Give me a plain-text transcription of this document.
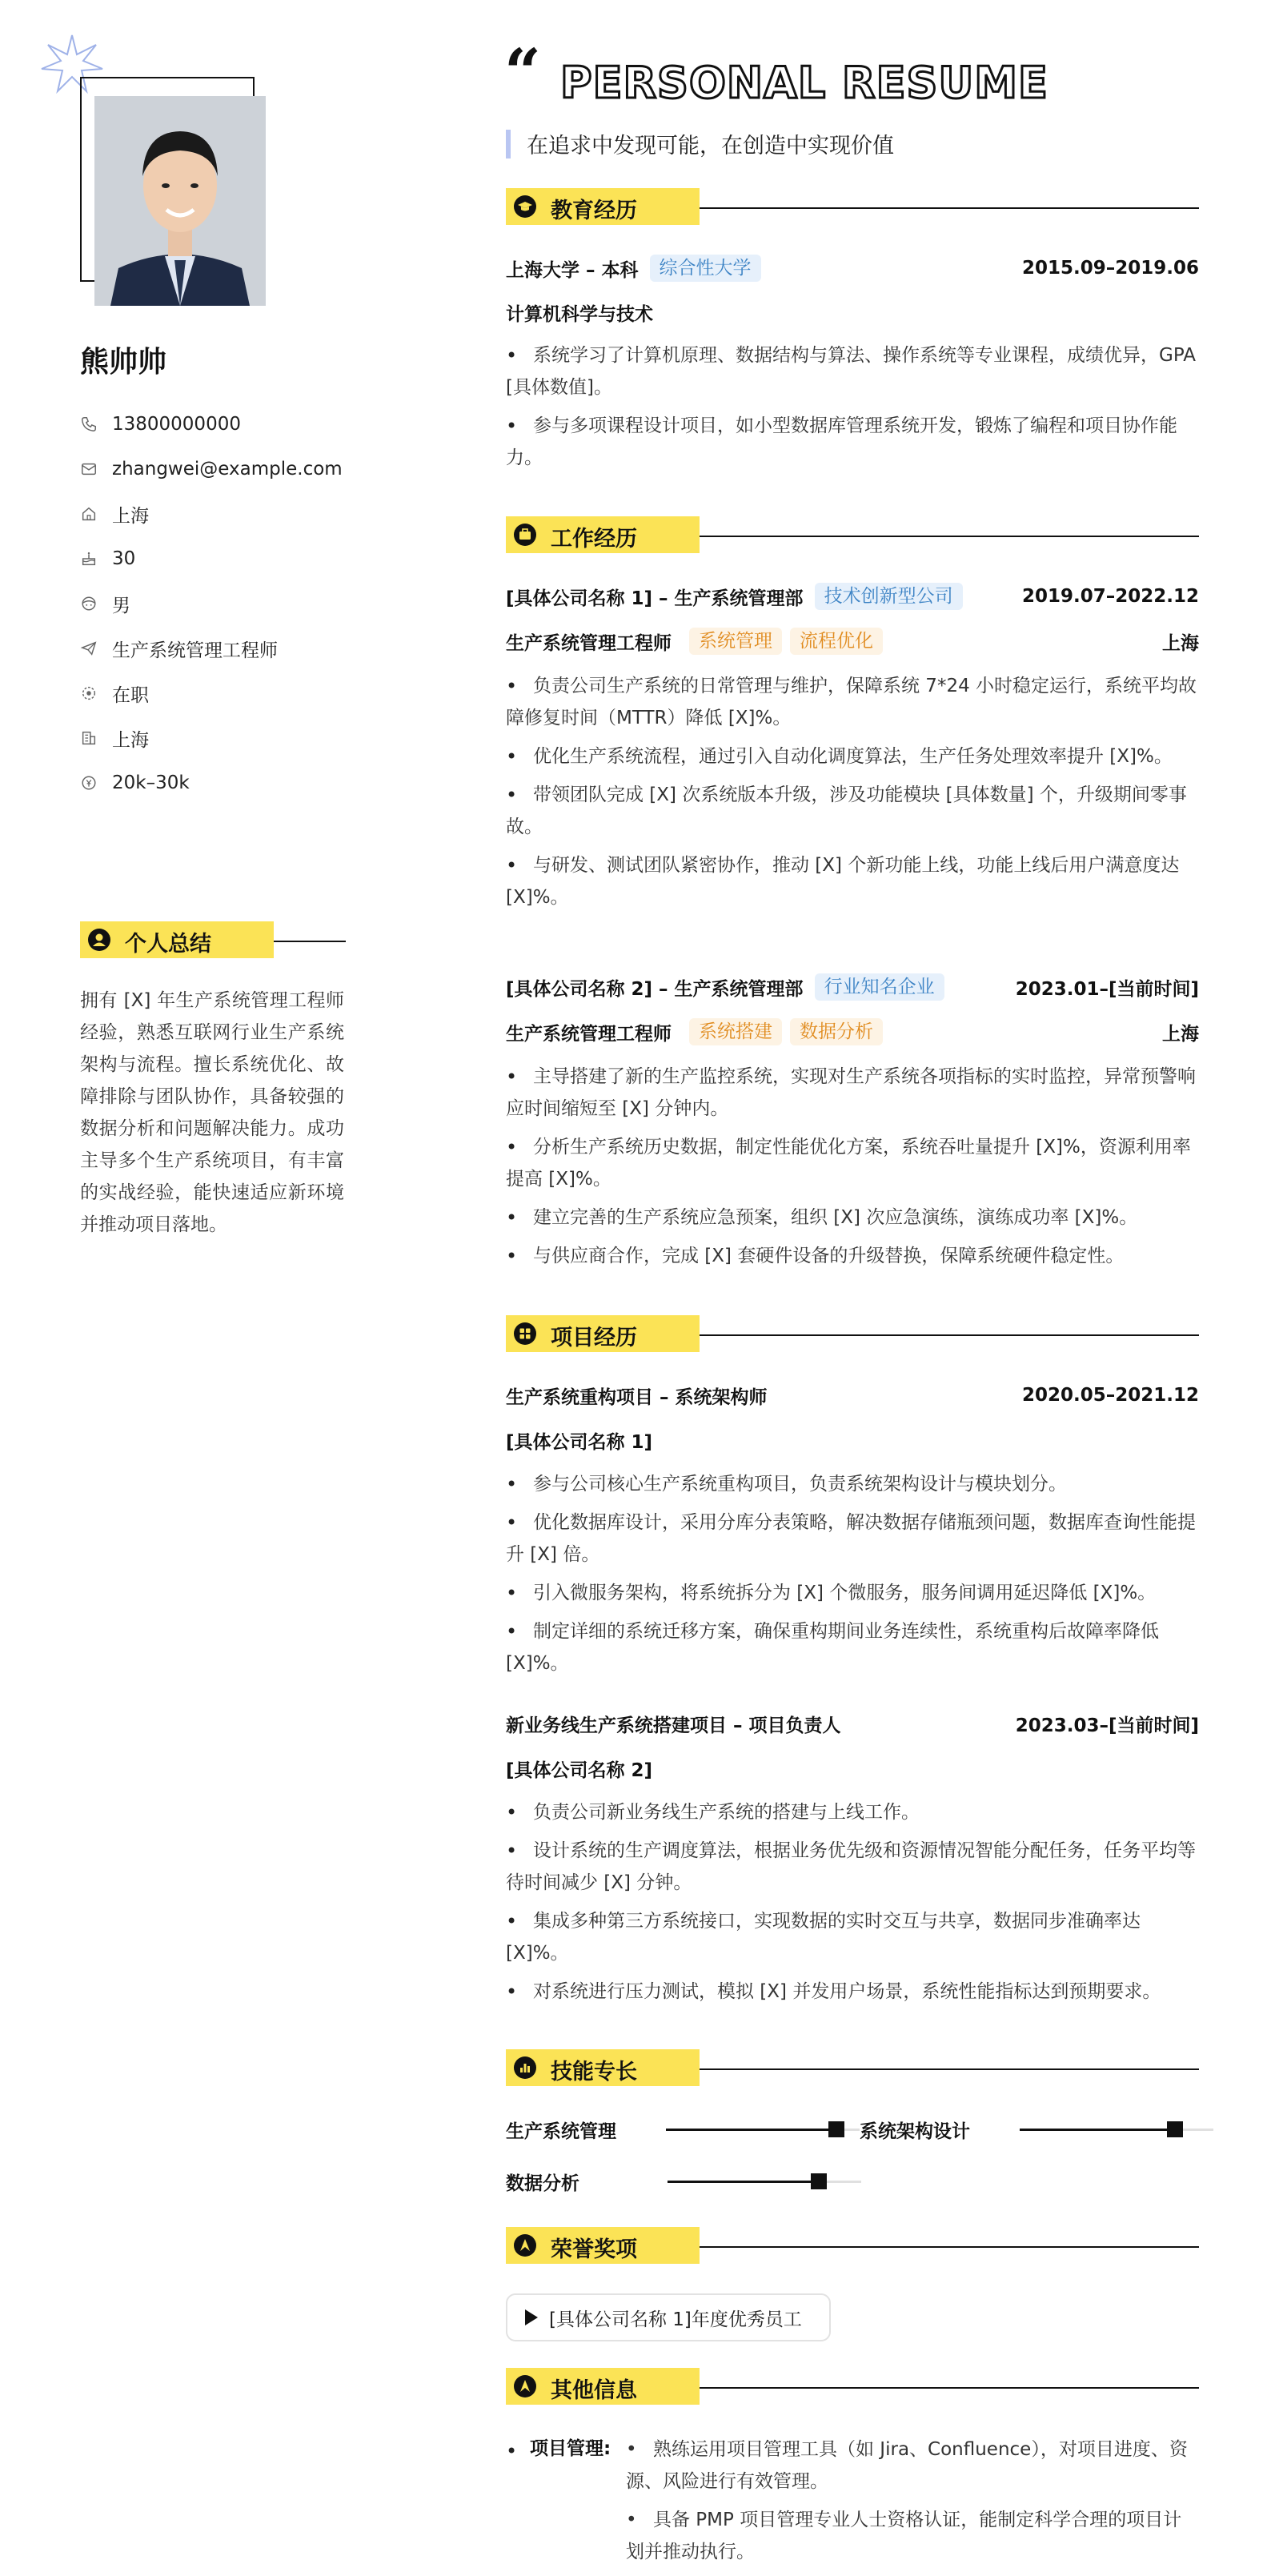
熊帅帅
13800000000
zhangwei@example.com
上海
30
男
生产系统管理工程师
在职
上海
20k–30k
个人总结
拥有 [X] 年生产系统管理工程师经验，熟悉互联网行业生产系统架构与流程。擅长系统优化、故障排除与团队协作，具备较强的数据分析和问题解决能力。成功主导多个生产系统项目，有丰富的实战经验，能快速适应新环境并推动项目落地。
“ PERSONAL RESUME
在追求中发现可能，在创造中实现价值
教育经历
上海大学 – 本科	综合性大学	2015.09–2019.06
计算机科学与技术
• 系统学习了计算机原理、数据结构与算法、操作系统等专业课程，成绩优异，GPA [具体数值]。
• 参与多项课程设计项目，如小型数据库管理系统开发，锻炼了编程和项目协作能力。
工作经历
[具体公司名称 1] – 生产系统管理部	技术创新型公司	2019.07–2022.12
生产系统管理工程师	系统管理	流程优化	上海
• 负责公司生产系统的日常管理与维护，保障系统 7*24 小时稳定运行，系统平均故障修复时间（MTTR）降低 [X]%。
• 优化生产系统流程，通过引入自动化调度算法，生产任务处理效率提升 [X]%。
• 带领团队完成 [X] 次系统版本升级，涉及功能模块 [具体数量] 个，升级期间零事故。
• 与研发、测试团队紧密协作，推动 [X] 个新功能上线，功能上线后用户满意度达 [X]%。
[具体公司名称 2] – 生产系统管理部	行业知名企业	2023.01–[当前时间]
生产系统管理工程师	系统搭建	数据分析	上海
• 主导搭建了新的生产监控系统，实现对生产系统各项指标的实时监控，异常预警响应时间缩短至 [X] 分钟内。
• 分析生产系统历史数据，制定性能优化方案，系统吞吐量提升 [X]%，资源利用率提高 [X]%。
• 建立完善的生产系统应急预案，组织 [X] 次应急演练，演练成功率 [X]%。
• 与供应商合作，完成 [X] 套硬件设备的升级替换，保障系统硬件稳定性。
项目经历
生产系统重构项目 – 系统架构师	2020.05–2021.12
[具体公司名称 1]
• 参与公司核心生产系统重构项目，负责系统架构设计与模块划分。
• 优化数据库设计，采用分库分表策略，解决数据存储瓶颈问题，数据库查询性能提升 [X] 倍。
• 引入微服务架构，将系统拆分为 [X] 个微服务，服务间调用延迟降低 [X]%。
• 制定详细的系统迁移方案，确保重构期间业务连续性，系统重构后故障率降低 [X]%。
新业务线生产系统搭建项目 – 项目负责人	2023.03–[当前时间]
[具体公司名称 2]
• 负责公司新业务线生产系统的搭建与上线工作。
• 设计系统的生产调度算法，根据业务优先级和资源情况智能分配任务，任务平均等待时间减少 [X] 分钟。
• 集成多种第三方系统接口，实现数据的实时交互与共享，数据同步准确率达 [X]%。
• 对系统进行压力测试，模拟 [X] 并发用户场景，系统性能指标达到预期要求。
技能专长
生产系统管理	系统架构设计
数据分析
荣誉奖项
[具体公司名称 1]年度优秀员工
其他信息
• 项目管理:
•	熟练运用项目管理工具（如 Jira、Confluence），对项目进度、资源、风险进行有效管理。
• 具备 PMP 项目管理专业人士资格认证，能制定科学合理的项目计划并推动执行。
